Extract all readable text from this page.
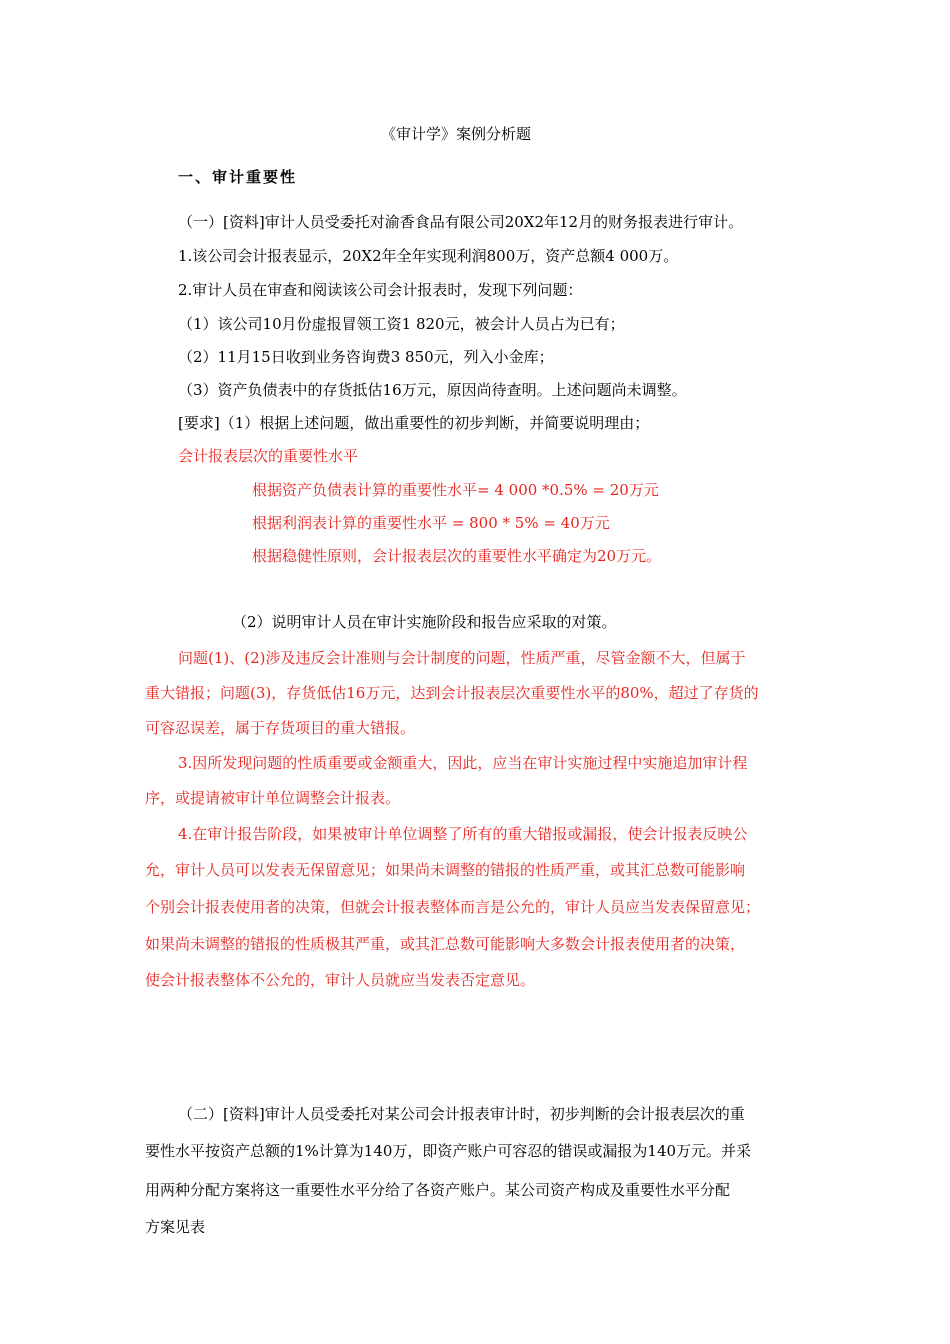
《审计学》案例分析题
一、审计重要性
（一）[资料]审计人员受委托对渝香食品有限公司20X2年12月的财务报表进行审计。
1.该公司会计报表显示，20X2年全年实现利润800万，资产总额4 000万。
2.审计人员在审查和阅读该公司会计报表时，发现下列问题：
（1）该公司10月份虚报冒领工资1 820元，被会计人员占为已有；
（2）11月15日收到业务咨询费3 850元，列入小金库；
（3）资产负债表中的存货抵估16万元，原因尚待查明。上述问题尚未调整。
[要求]（1）根据上述问题，做出重要性的初步判断，并简要说明理由；
会计报表层次的重要性水平
根据资产负债表计算的重要性水平= 4 000 *0.5% = 20万元
根据利润表计算的重要性水平 = 800 * 5% = 40万元
根据稳健性原则，会计报表层次的重要性水平确定为20万元。
（2）说明审计人员在审计实施阶段和报告应采取的对策。
问题(1)、(2)涉及违反会计准则与会计制度的问题，性质严重，尽管金额不大，但属于
重大错报；问题(3)，存货低估16万元，达到会计报表层次重要性水平的80%，超过了存货的
可容忍误差，属于存货项目的重大错报。
3.因所发现问题的性质重要或金额重大，因此，应当在审计实施过程中实施追加审计程
序，或提请被审计单位调整会计报表。
4.在审计报告阶段，如果被审计单位调整了所有的重大错报或漏报，使会计报表反映公
允，审计人员可以发表无保留意见；如果尚未调整的错报的性质严重，或其汇总数可能影响
个别会计报表使用者的决策，但就会计报表整体而言是公允的，审计人员应当发表保留意见；
如果尚未调整的错报的性质极其严重，或其汇总数可能影响大多数会计报表使用者的决策，
使会计报表整体不公允的，审计人员就应当发表否定意见。
（二）[资料]审计人员受委托对某公司会计报表审计时，初步判断的会计报表层次的重
要性水平按资产总额的1%计算为140万，即资产账户可容忍的错误或漏报为140万元。并采
用两种分配方案将这一重要性水平分给了各资产账户。某公司资产构成及重要性水平分配
方案见表
